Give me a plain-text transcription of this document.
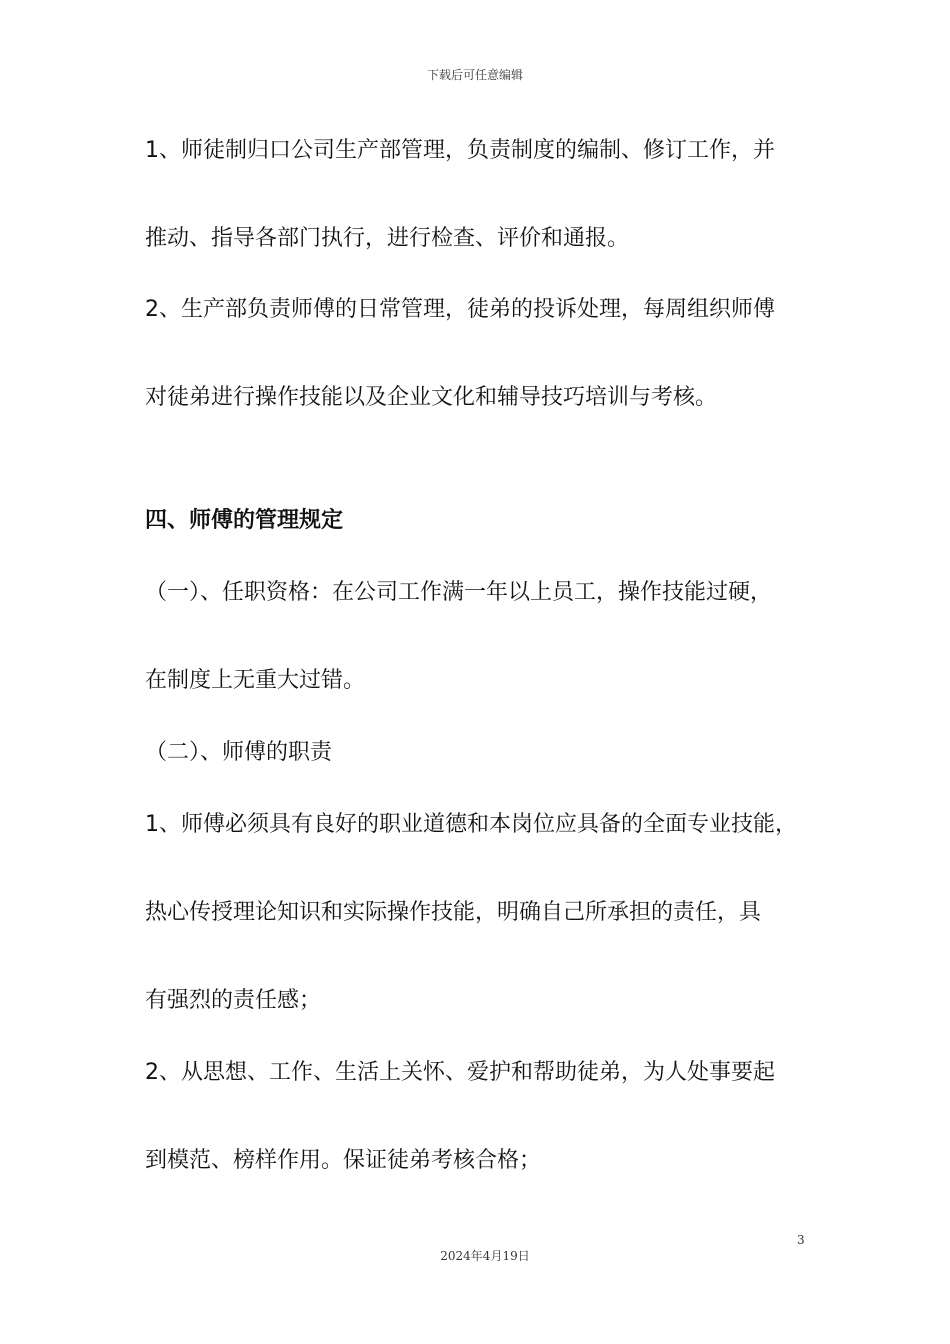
下载后可任意编辑
1、师徒制归口公司生产部管理，负责制度的编制、修订工作，并
推动、指导各部门执行，进行检查、评价和通报。
2、生产部负责师傅的日常管理，徒弟的投诉处理，每周组织师傅
对徒弟进行操作技能以及企业文化和辅导技巧培训与考核。
四、师傅的管理规定
（一）、任职资格：在公司工作满一年以上员工，操作技能过硬，
在制度上无重大过错。
（二）、师傅的职责
1、师傅必须具有良好的职业道德和本岗位应具备的全面专业技能，
热心传授理论知识和实际操作技能，明确自己所承担的责任，具
有强烈的责任感；
2、从思想、工作、生活上关怀、爱护和帮助徒弟，为人处事要起
到模范、榜样作用。保证徒弟考核合格；
3
2024年4月19日
